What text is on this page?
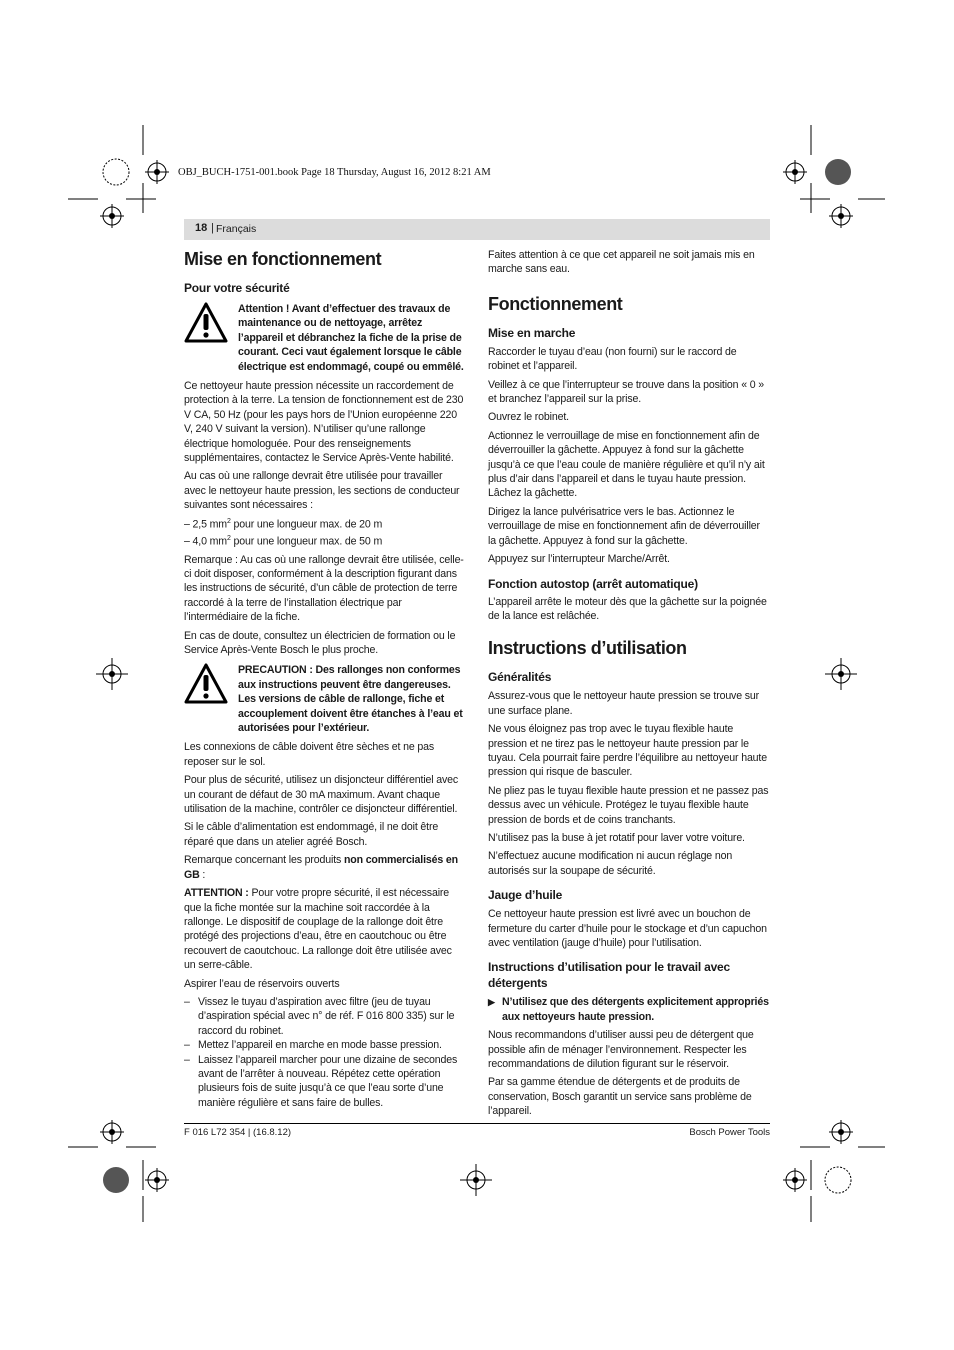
OBJ_BUCH-1751-001.book Page 18 Thursday, August 16, 2012 8:21 AM
18 | Français
Mise en fonctionnement
Pour votre sécurité
Attention ! Avant d’effectuer des travaux de maintenance ou de nettoyage, arrêtez l’appareil et débranchez la fiche de la prise de courant. Ceci vaut également lorsque le câble électrique est endommagé, coupé ou emmêlé.

Ce nettoyeur haute pression nécessite un raccordement de protection à la terre. La tension de fonctionnement est de 230 V CA, 50 Hz (pour les pays hors de l’Union européenne 220 V, 240 V suivant la version). N’utiliser qu’une rallonge électrique homologuée. Pour des renseignements supplémentaires, contactez le Service Après-Vente habilité.

Au cas où une rallonge devrait être utilisée pour travailler avec le nettoyeur haute pression, les sections de conducteur suivantes sont nécessaires :

– 2,5 $mm^2$ pour une longueur max. de 20 m
– 4,0 $mm^2$ pour une longueur max. de 50 m

Remarque : Au cas où une rallonge devrait être utilisée, celle-ci doit disposer, conformément à la description figurant dans les instructions de sécurité, d’un câble de protection de terre raccordé à la terre de l’installation électrique par l’intermédiaire de la fiche.

En cas de doute, consultez un électricien de formation ou le Service Après-Vente Bosch le plus proche.

PRECAUTION : Des rallonges non conformes aux instructions peuvent être dangereuses. Les versions de câble de rallonge, fiche et accouplement doivent être étanches à l’eau et autorisées pour l’extérieur.

Les connexions de câble doivent être sèches et ne pas reposer sur le sol.

Pour plus de sécurité, utilisez un disjoncteur différentiel avec un courant de défaut de 30 mA maximum. Avant chaque utilisation de la machine, contrôler ce disjoncteur différentiel.

Si le câble d’alimentation est endommagé, il ne doit être réparé que dans un atelier agréé Bosch.

Remarque concernant les produits non commercialisés en GB :

ATTENTION : Pour votre propre sécurité, il est nécessaire que la fiche montée sur la machine soit raccordée à la rallonge. Le dispositif de couplage de la rallonge doit être protégé des projections d’eau, être en caoutchouc ou être recouvert de caoutchouc. La rallonge doit être utilisée avec un serre-câble.

Aspirer l’eau de réservoirs ouverts

– Vissez le tuyau d’aspiration avec filtre (jeu de tuyau d’aspiration spécial avec n° de réf. F 016 800 335) sur le raccord du robinet.
– Mettez l’appareil en marche en mode basse pression.
– Laissez l’appareil marcher pour une dizaine de secondes avant de l’arrêter à nouveau. Répétez cette opération plusieurs fois de suite jusqu’à ce que l’eau sorte d’une manière régulière et sans faire de bulles.

Faites attention à ce que cet appareil ne soit jamais mis en marche sans eau.

Fonctionnement
Mise en marche

Raccorder le tuyau d’eau (non fourni) sur le raccord de robinet et l’appareil.

Veillez à ce que l’interrupteur se trouve dans la position « 0 » et branchez l’appareil sur la prise.

Ouvrez le robinet.

Actionnez le verrouillage de mise en fonctionnement afin de déverrouiller la gâchette. Appuyez à fond sur la gâchette jusqu’à ce que l’eau coule de manière régulière et qu’il n’y ait plus d’air dans l’appareil et dans le tuyau haute pression. Lâchez la gâchette.

Dirigez la lance pulvérisatrice vers le bas. Actionnez le verrouillage de mise en fonctionnement afin de déverrouiller la gâchette. Appuyez à fond sur la gâchette.

Appuyez sur l’interrupteur Marche/Arrêt.

Fonction autostop (arrêt automatique)

L’appareil arrête le moteur dès que la gâchette sur la poignée de la lance est relâchée.

Instructions d’utilisation
Généralités

Assurez-vous que le nettoyeur haute pression se trouve sur une surface plane.

Ne vous éloignez pas trop avec le tuyau flexible haute pression et ne tirez pas le nettoyeur haute pression par le tuyau. Cela pourrait faire perdre l’équilibre au nettoyeur haute pression qui risque de basculer.

Ne pliez pas le tuyau flexible haute pression et ne passez pas dessus avec un véhicule. Protégez le tuyau flexible haute pression de bords et de coins tranchants.

N’utilisez pas la buse à jet rotatif pour laver votre voiture.

N’effectuez aucune modification ni aucun réglage non autorisés sur la soupape de sécurité.

Jauge d’huile

Ce nettoyeur haute pression est livré avec un bouchon de fermeture du carter d’huile pour le stockage et d’un capuchon avec ventilation (jauge d’huile) pour l’utilisation.

Instructions d’utilisation pour le travail avec détergents
▶ N’utilisez que des détergents explicitement appropriés aux nettoyeurs haute pression.

Nous recommandons d’utiliser aussi peu de détergent que possible afin de ménager l’environnement. Respecter les recommandations de dilution figurant sur le réservoir.

Par sa gamme étendue de détergents et de produits de conservation, Bosch garantit un service sans problème de l’appareil.

F 016 L72 354 | (16.8.12)	Bosch Power Tools
